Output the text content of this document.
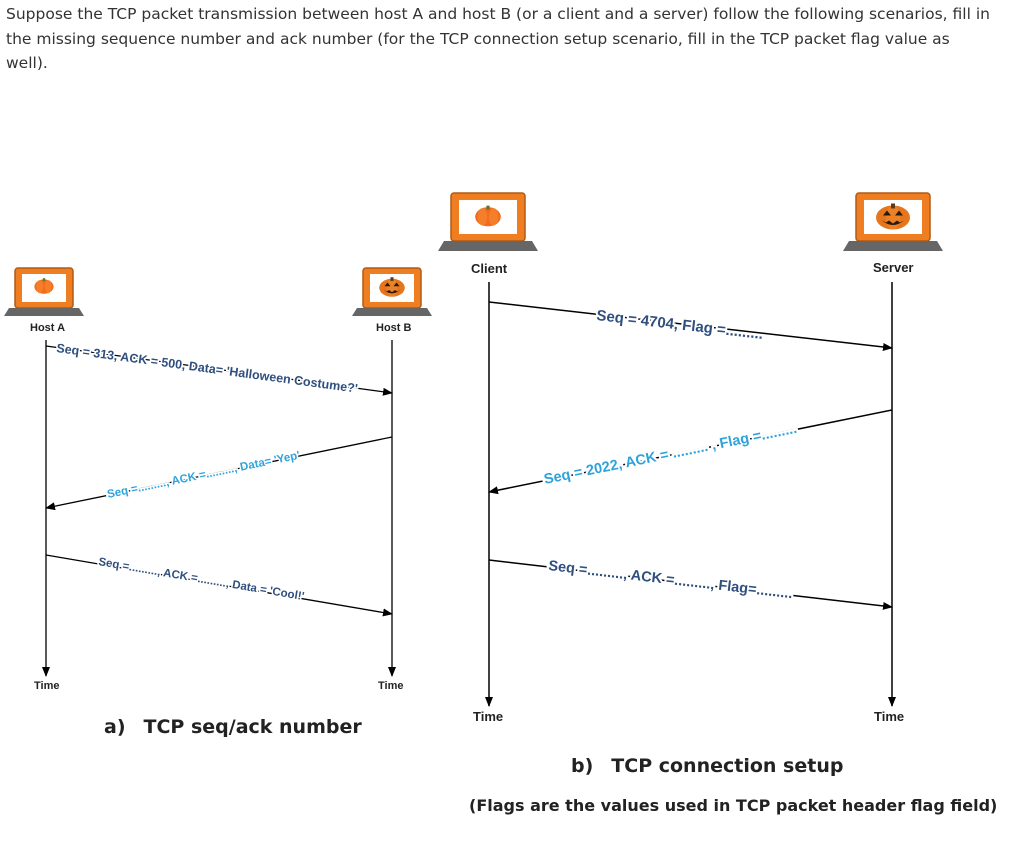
Suppose the TCP packet transmission between host A and host B (or a client and a server) follow the following scenarios, fill in the missing sequence number and ack number (for the TCP connection setup scenario, fill in the TCP packet flag value as well).

Host A	Host B
Time	Time
Seq = 313, ACK = 500, Data= 'Halloween Costume?'
Seq =........., ACK =........., Data= 'Yep'
Seq =........., ACK =........., Data = 'Cool!'
Client	Server
Time	Time
Seq = 4704, Flag =.........
Seq = 2022, ACK = ......... , Flag =.........
Seq =........., ACK =........., Flag=.........
a) TCP seq/ack number
b) TCP connection setup
(Flags are the values used in TCP packet header flag field)
